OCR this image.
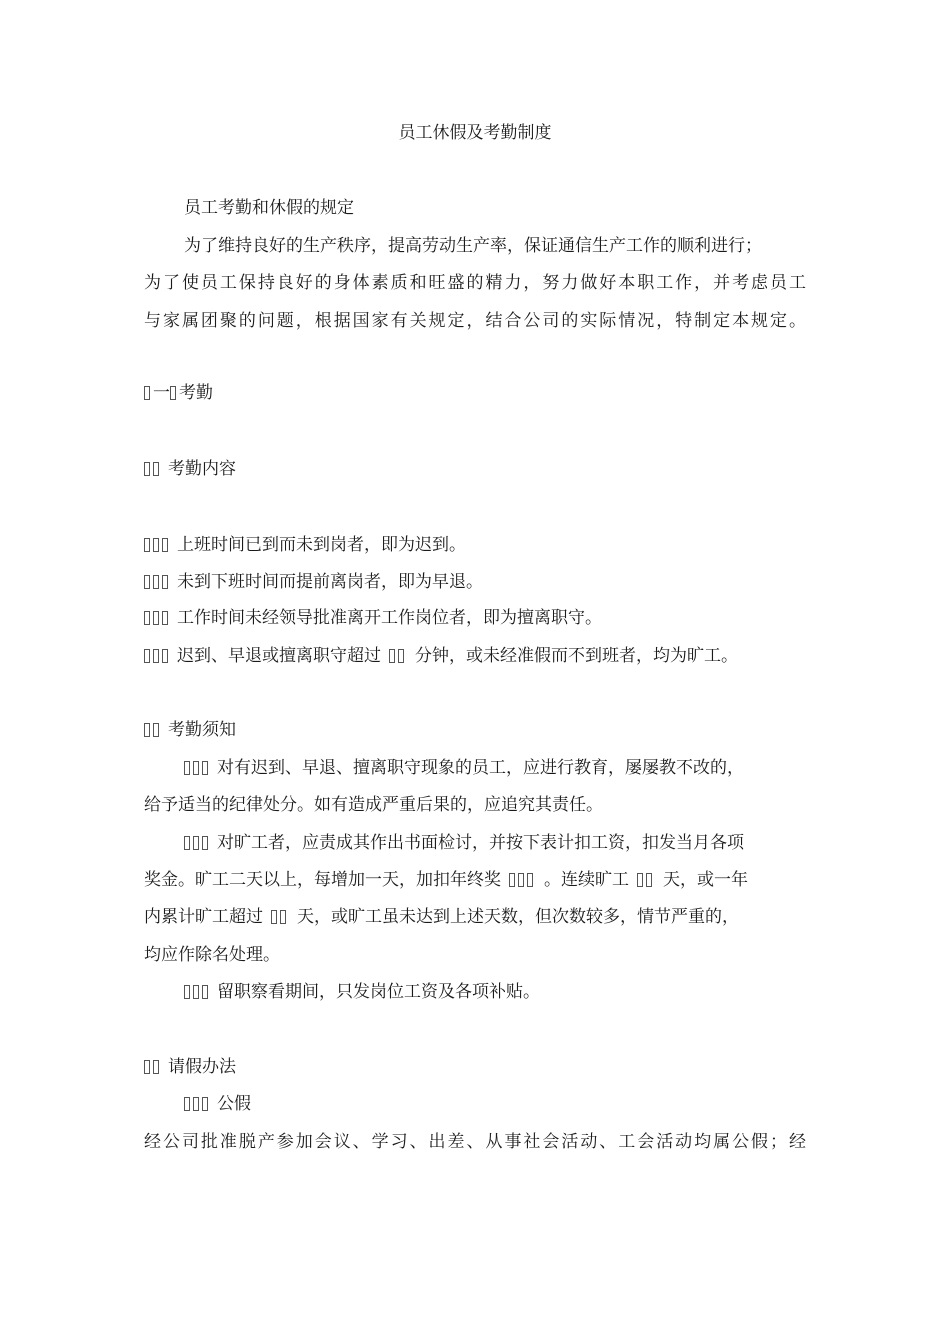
员工休假及考勤制度
员工考勤和休假的规定
为了维持良好的生产秩序，提高劳动生产率，保证通信生产工作的顺利进行；
为了使员工保持良好的身体素质和旺盛的精力，努力做好本职工作，并考虑员工
与家属团聚的问题，根据国家有关规定，结合公司的实际情况，特制定本规定。
一 考勤
考勤内容
上班时间已到而未到岗者，即为迟到。
未到下班时间而提前离岗者，即为早退。
工作时间未经领导批准离开工作岗位者，即为擅离职守。
迟到、早退或擅离职守超过 分钟，或未经准假而不到班者，均为旷工。
考勤须知
对有迟到、早退、擅离职守现象的员工，应进行教育，屡屡教不改的，
给予适当的纪律处分。如有造成严重后果的，应追究其责任。
对旷工者，应责成其作出书面检讨，并按下表计扣工资，扣发当月各项
奖金。旷工二天以上，每增加一天，加扣年终奖	。连续旷工 天，或一年
内累计旷工超过 天，或旷工虽未达到上述天数，但次数较多，情节严重的，
均应作除名处理。
留职察看期间，只发岗位工资及各项补贴。
请假办法
公假
经公司批准脱产参加会议、学习、出差、从事社会活动、工会活动均属公假；经
